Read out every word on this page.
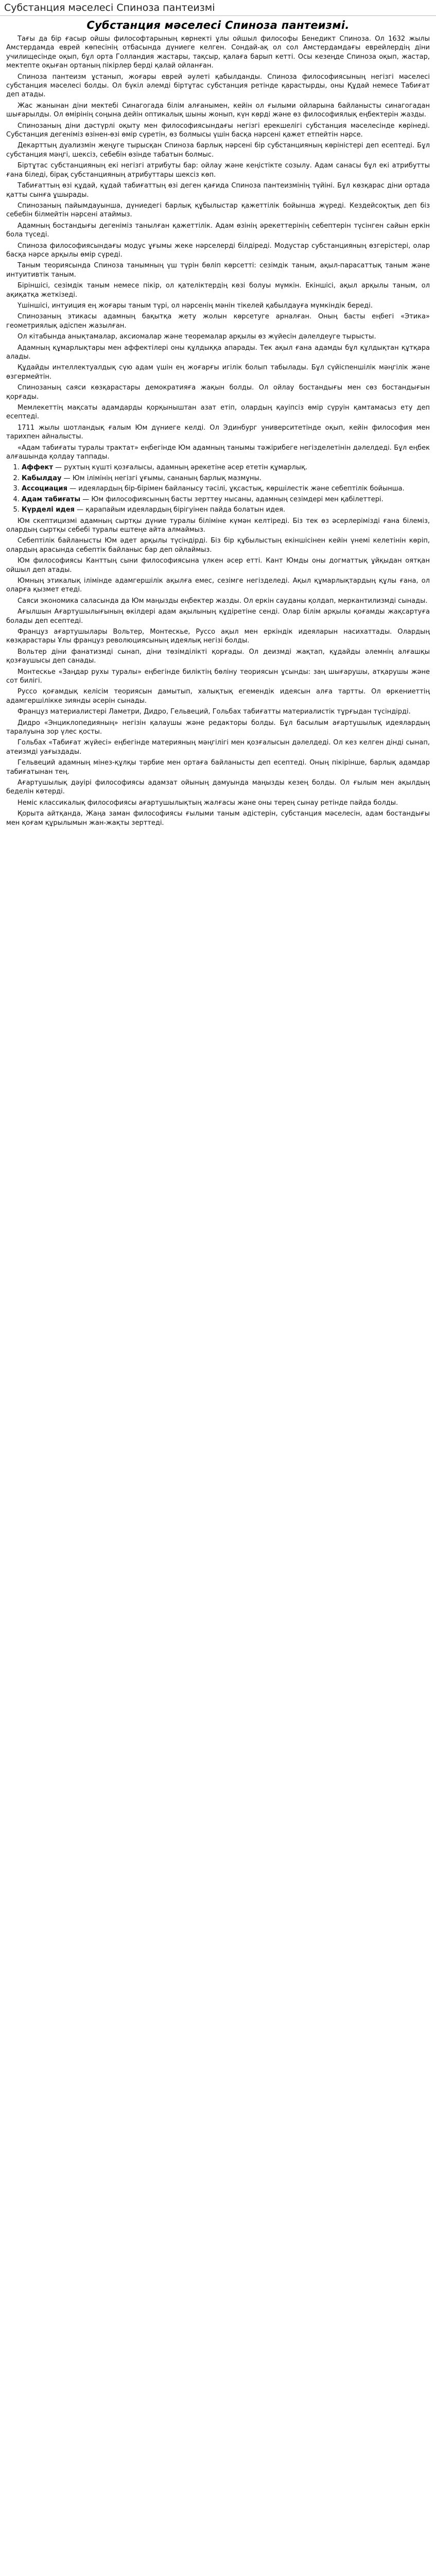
Субстанция мәселесі Спиноза пантеизмі
Субстанция мәселесі Спиноза пантеизмі.

Тағы да бір ғасыр ойшы философтарының көрнекті ұлы ойшыл философы Бенедикт Спиноза. Ол 1632 жылы Амстердамда еврей көпесінің отбасында дүниеге келген. Сондай-ақ ол сол Амстердамдағы еврейлердің діни училищесінде оқып, бұл орта Голландия жастары, тақсыр, қалаға барып кетті. Осы кезеңде Спиноза оқып, жастар, мектепте оқыған ортаның пікірлер берді қалай ойланған.

Спиноза пантеизм ұстанып, жоғары еврей әулеті қабылданды. Спиноза философиясының негізгі мәселесі субстанция мәселесі болды. Ол бүкіл әлемді біртұтас субстанция ретінде қарастырды, оны Құдай немесе Табиғат деп атады.

Жас жанынан діни мектебі Синагогада білім алғанымен, кейін ол ғылыми ойларына байланысты синагогадан шығарылды. Ол өмірінің соңына дейін оптикалық шыны жонып, күн көрді және өз философиялық еңбектерін жазды.

Спинозаның діни дәстүрлі оқыту мен философиясындағы негізгі ерекшелігі субстанция мәселесінде көрінеді. Субстанция дегеніміз өзінен-өзі өмір сүретін, өз болмысы үшін басқа нәрсені қажет етпейтін нәрсе.

Декарттың дуализмін жеңуге тырысқан Спиноза барлық нәрсені бір субстанцияның көріністері деп есептеді. Бұл субстанция мәңгі, шексіз, себебін өзінде табатын болмыс.

Біртұтас субстанцияның екі негізгі атрибуты бар: ойлау және кеңістікте созылу. Адам санасы бұл екі атрибутты ғана біледі, бірақ субстанцияның атрибуттары шексіз көп.

Табиғаттың өзі құдай, құдай табиғаттың өзі деген қағида Спиноза пантеизмінің түйіні. Бұл көзқарас діни ортада қатты сынға ұшырады.

Спинозаның пайымдауынша, дүниедегі барлық құбылыстар қажеттілік бойынша жүреді. Кездейсоқтық деп біз себебін білмейтін нәрсені атаймыз.

Адамның бостандығы дегеніміз танылған қажеттілік. Адам өзінің әрекеттерінің себептерін түсінген сайын еркін бола түседі.

Спиноза философиясындағы модус ұғымы жеке нәрселерді білдіреді. Модустар субстанцияның өзгерістері, олар басқа нәрсе арқылы өмір сүреді.

Таным теориясында Спиноза танымның үш түрін бөліп көрсетті: сезімдік таным, ақыл-парасаттық таным және интуитивтік таным.

Біріншісі, сезімдік таным немесе пікір, ол қателіктердің көзі болуы мүмкін. Екіншісі, ақыл арқылы таным, ол ақиқатқа жеткізеді.

Үшіншісі, интуиция ең жоғары таным түрі, ол нәрсенің мәнін тікелей қабылдауға мүмкіндік береді.

Спинозаның этикасы адамның бақытқа жету жолын көрсетуге арналған. Оның басты еңбегі «Этика» геометриялық әдіспен жазылған.

Ол кітабында анықтамалар, аксиомалар және теоремалар арқылы өз жүйесін дәлелдеуге тырысты.

Адамның құмарлықтары мен аффектілері оны құлдыққа апарады. Тек ақыл ғана адамды бұл құлдықтан құтқара алады.

Құдайды интеллектуалдық сүю адам үшін ең жоғарғы игілік болып табылады. Бұл сүйіспеншілік мәңгілік және өзгермейтін.

Спинозаның саяси көзқарастары демократияға жақын болды. Ол ойлау бостандығы мен сөз бостандығын қорғады.

Мемлекеттің мақсаты адамдарды қорқыныштан азат етіп, олардың қауіпсіз өмір сүруін қамтамасыз ету деп есептеді.

1711 жылы шотландық ғалым Юм дүниеге келді. Ол Эдинбург университетінде оқып, кейін философия мен тарихпен айналысты.

«Адам табиғаты туралы трактат» еңбегінде Юм адамның танымы тәжірибеге негізделетінін дәлелдеді. Бұл еңбек алғашында қолдау таппады.

1. Аффект — рухтың күшті қозғалысы, адамның әрекетіне әсер ететін құмарлық.
2. Кабылдау — Юм ілімінің негізгі ұғымы, сананың барлық мазмұны.
3. Ассоциация — идеялардың бір-бірімен байланысу тәсілі, ұқсастық, көршілестік және себептілік бойынша.
4. Адам табиғаты — Юм философиясының басты зерттеу нысаны, адамның сезімдері мен қабілеттері.
5. Күрделі идея — қарапайым идеялардың бірігуінен пайда болатын идея.

Юм скептицизмі адамның сыртқы дүние туралы біліміне күмән келтіреді. Біз тек өз әсерлерімізді ғана білеміз, олардың сыртқы себебі туралы ештеңе айта алмаймыз.

Себептілік байланысты Юм әдет арқылы түсіндірді. Біз бір құбылыстың екіншісінен кейін үнемі келетінін көріп, олардың арасында себептік байланыс бар деп ойлаймыз.

Юм философиясы Канттың сыни философиясына үлкен әсер етті. Кант Юмды оны догматтық ұйқыдан оятқан ойшыл деп атады.

Юмның этикалық ілімінде адамгершілік ақылға емес, сезімге негізделеді. Ақыл құмарлықтардың құлы ғана, ол оларға қызмет етеді.

Саяси экономика саласында да Юм маңызды еңбектер жазды. Ол еркін сауданы қолдап, меркантилизмді сынады.

Ағылшын Ағартушылығының өкілдері адам ақылының құдіретіне сенді. Олар білім арқылы қоғамды жақсартуға болады деп есептеді.

Француз ағартушылары Вольтер, Монтескье, Руссо ақыл мен еркіндік идеяларын насихаттады. Олардың көзқарастары Ұлы француз революциясының идеялық негізі болды.

Вольтер діни фанатизмді сынап, діни төзімділікті қорғады. Ол деизмді жақтап, құдайды әлемнің алғашқы қозғаушысы деп санады.

Монтескье «Заңдар рухы туралы» еңбегінде биліктің бөліну теориясын ұсынды: заң шығарушы, атқарушы және сот билігі.

Руссо қоғамдық келісім теориясын дамытып, халықтық егемендік идеясын алға тартты. Ол өркениеттің адамгершілікке зиянды әсерін сынады.

Француз материалистері Ламетри, Дидро, Гельвеций, Гольбах табиғатты материалистік тұрғыдан түсіндірді.

Дидро «Энциклопедияның» негізін қалаушы және редакторы болды. Бұл басылым ағартушылық идеялардың таралуына зор үлес қосты.

Гольбах «Табиғат жүйесі» еңбегінде материяның мәңгілігі мен қозғалысын дәлелдеді. Ол кез келген дінді сынап, атеизмді уағыздады.

Гельвеций адамның мінез-құлқы тәрбие мен ортаға байланысты деп есептеді. Оның пікірінше, барлық адамдар табиғатынан тең.

Ағартушылық дәуірі философиясы адамзат ойының дамуында маңызды кезең болды. Ол ғылым мен ақылдың беделін көтерді.

Неміс классикалық философиясы ағартушылықтың жалғасы және оны терең сынау ретінде пайда болды.

Қорыта айтқанда, Жаңа заман философиясы ғылыми таным әдістерін, субстанция мәселесін, адам бостандығы мен қоғам құрылымын жан-жақты зерттеді.
